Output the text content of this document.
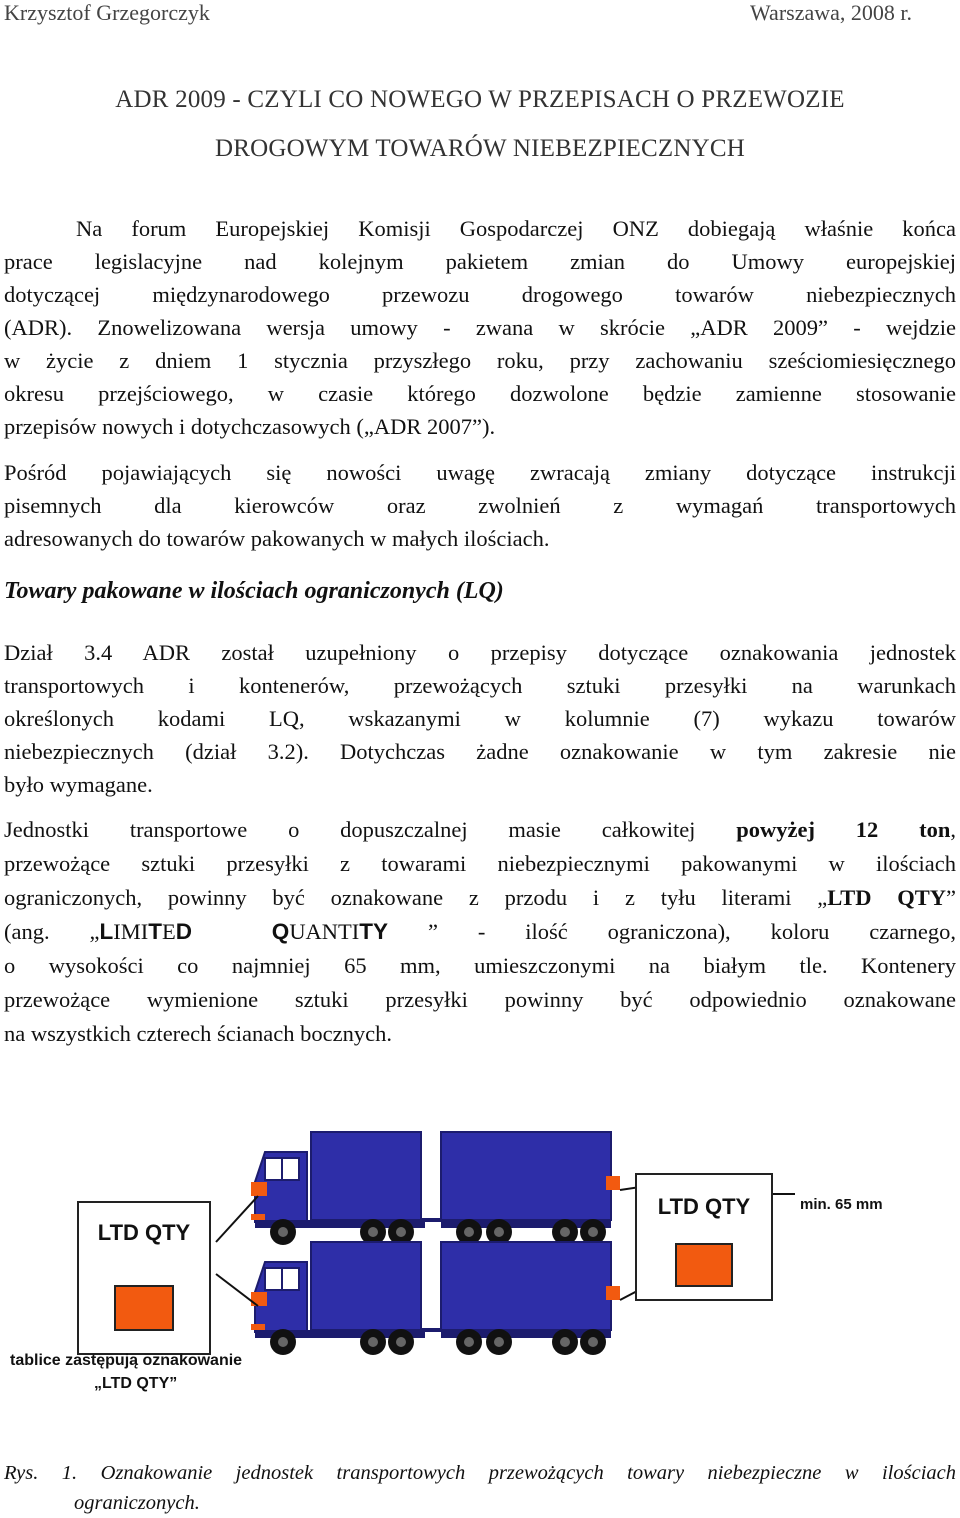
Krzysztof Grzegorczyk	Warszawa, 2008 r.
ADR 2009 - CZYLI CO NOWEGO W PRZEPISACH O PRZEWOZIE
DROGOWYM TOWARÓW NIEBEZPIECZNYCH

Na forum Europejskiej Komisji Gospodarczej ONZ dobiegają właśnie końca
prace legislacyjne nad kolejnym pakietem zmian do Umowy europejskiej
dotyczącej międzynarodowego przewozu drogowego towarów niebezpiecznych
(ADR). Znowelizowana wersja umowy - zwana w skrócie „ADR 2009” - wejdzie
w życie z dniem 1 stycznia przyszłego roku, przy zachowaniu sześciomiesięcznego
okresu przejściowego, w czasie którego dozwolone będzie zamienne stosowanie
przepisów nowych i dotychczasowych („ADR 2007”).

Pośród pojawiających się nowości uwagę zwracają zmiany dotyczące instrukcji
pisemnych dla kierowców oraz zwolnień z wymagań transportowych
adresowanych do towarów pakowanych w małych ilościach.

Towary pakowane w ilościach ograniczonych (LQ)

Dział 3.4 ADR został uzupełniony o przepisy dotyczące oznakowania jednostek
transportowych i kontenerów, przewożących sztuki przesyłki na warunkach
określonych kodami LQ, wskazanymi w kolumnie (7) wykazu towarów
niebezpiecznych (dział 3.2). Dotychczas żadne oznakowanie w tym zakresie nie
było wymagane.

Jednostki transportowe o dopuszczalnej masie całkowitej powyżej 12 ton,
przewożące sztuki przesyłki z towarami niebezpiecznymi pakowanymi w ilościach
ograniczonych, powinny być oznakowane z przodu i z tyłu literami „LTD QTY”
(ang. „LIMITED	QUANTITY ” - ilość ograniczona), koloru czarnego,
o wysokości co najmniej 65 mm, umieszczonymi na białym tle. Kontenery
przewożące wymienione sztuki przesyłki powinny być odpowiednio oznakowane
na wszystkich czterech ścianach bocznych.

LTD QTY
LTD QTY	min. 65 mm
tablice zastępują oznakowanie
„LTD QTY”

Rys. 1. Oznakowanie jednostek transportowych przewożących towary niebezpieczne w ilościach
ograniczonych.
